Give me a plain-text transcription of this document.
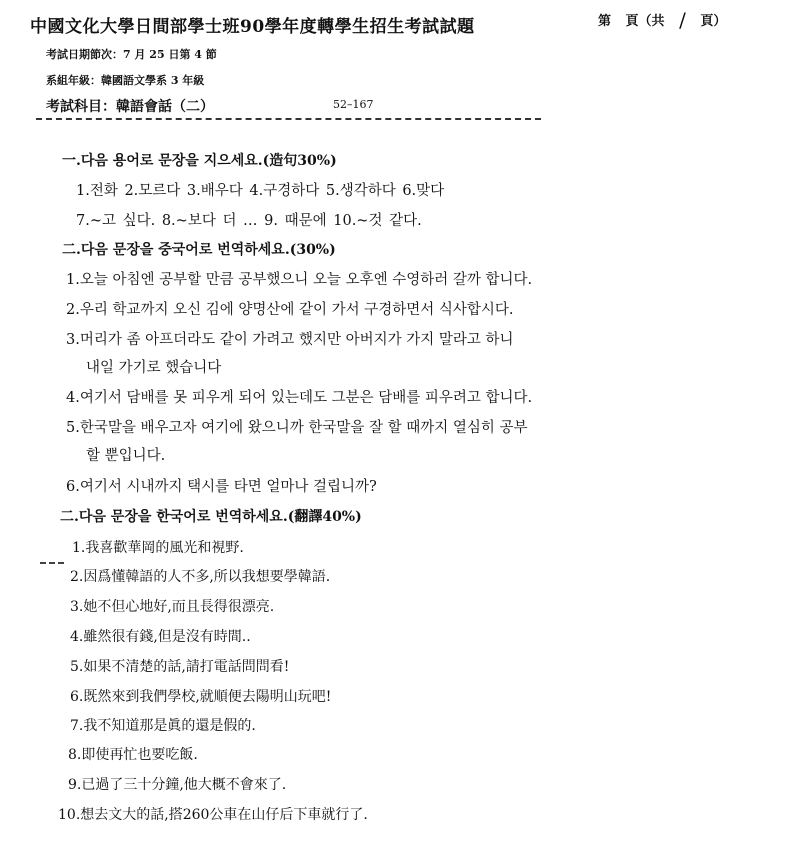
中國文化大學日間部學士班90學年度轉學生招生考試試題	第 頁（共 / 頁）
考試日期節次：7 月 25 日第 4 節
系組年級：韓國語文學系 3 年級
考試科目：韓語會話（二）	52–167
一.다음 용어로 문장을 지으세요.(造句30%)
1.전화 2.모르다 3.배우다 4.구경하다 5.생각하다 6.맞다
7.~고 싶다. 8.~보다 더 … 9. 때문에 10.~것 같다.
二.다음 문장을 중국어로 번역하세요.(30%)
1.오늘 아침엔 공부할 만큼 공부했으니 오늘 오후엔 수영하러 갈까 합니다.
2.우리 학교까지 오신 김에 양명산에 같이 가서 구경하면서 식사합시다.
3.머리가 좀 아프더라도 같이 가려고 했지만 아버지가 가지 말라고 하니
내일 가기로 했습니다
4.여기서 담배를 못 피우게 되어 있는데도 그분은 담배를 피우려고 합니다.
5.한국말을 배우고자 여기에 왔으니까 한국말을 잘 할 때까지 열심히 공부
할 뿐입니다.
6.여기서 시내까지 택시를 타면 얼마나 걸립니까?
二.다음 문장을 한국어로 번역하세요.(翻譯40%)
1.我喜歡華岡的風光和視野.
2.因爲懂韓語的人不多,所以我想要學韓語.
3.她不但心地好,而且長得很漂亮.
4.雖然很有錢,但是沒有時間..
5.如果不清楚的話,請打電話問問看!
6.既然來到我們學校,就順便去陽明山玩吧!
7.我不知道那是眞的還是假的.
8.即使再忙也要吃飯.
9.已過了三十分鐘,他大概不會來了.
10.想去文大的話,搭260公車在山仔后下車就行了.
